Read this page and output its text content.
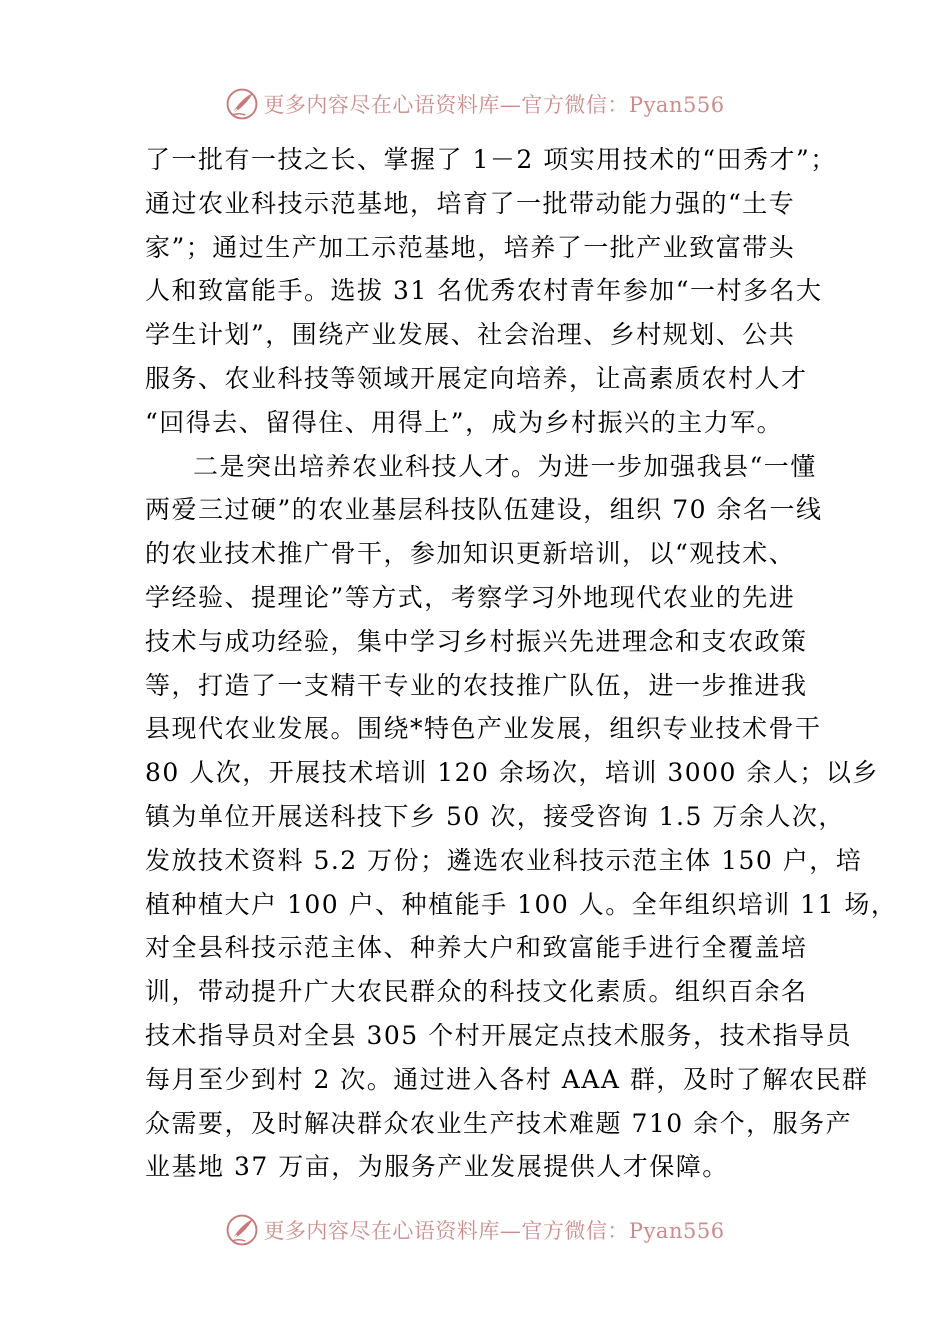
更多内容尽在心语资料库—官方微信：Pyan556
了一批有一技之长、掌握了 1－2 项实用技术的“田秀才”；
通过农业科技示范基地，培育了一批带动能力强的“土专
家”；通过生产加工示范基地，培养了一批产业致富带头
人和致富能手。选拔 31 名优秀农村青年参加“一村多名大
学生计划”，围绕产业发展、社会治理、乡村规划、公共
服务、农业科技等领域开展定向培养，让高素质农村人才
“回得去、留得住、用得上”，成为乡村振兴的主力军。
二是突出培养农业科技人才。为进一步加强我县“一懂
两爱三过硬”的农业基层科技队伍建设，组织 70 余名一线
的农业技术推广骨干，参加知识更新培训，以“观技术、
学经验、提理论”等方式，考察学习外地现代农业的先进
技术与成功经验，集中学习乡村振兴先进理念和支农政策
等，打造了一支精干专业的农技推广队伍，进一步推进我
县现代农业发展。围绕*特色产业发展，组织专业技术骨干
80 人次，开展技术培训 120 余场次，培训 3000 余人；以乡
镇为单位开展送科技下乡 50 次，接受咨询 1.5 万余人次，
发放技术资料 5.2 万份；遴选农业科技示范主体 150 户，培
植种植大户 100 户、种植能手 100 人。全年组织培训 11 场，
对全县科技示范主体、种养大户和致富能手进行全覆盖培
训，带动提升广大农民群众的科技文化素质。组织百余名
技术指导员对全县 305 个村开展定点技术服务，技术指导员
每月至少到村 2 次。通过进入各村 AAA 群，及时了解农民群
众需要，及时解决群众农业生产技术难题 710 余个，服务产
业基地 37 万亩，为服务产业发展提供人才保障。
更多内容尽在心语资料库—官方微信：Pyan556
